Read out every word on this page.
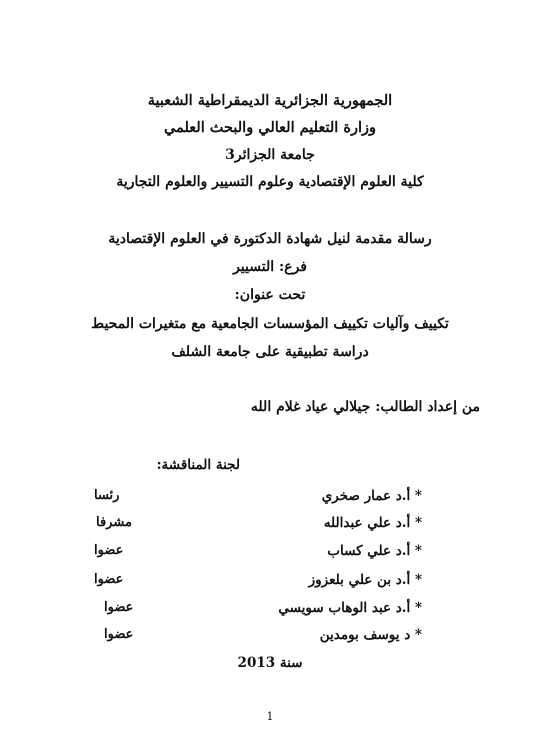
الجمهورية الجزائرية الديمقراطية الشعبية
وزارة التعليم العالي والبحث العلمي
جامعة الجزائر3
كلية العلوم الإقتصادية وعلوم التسيير والعلوم التجارية
رسالة مقدمة لنيل شهادة الدكتورة في العلوم الإقتصادية
فرع: التسيير
تحت عنوان:
تكييف وآليات تكييف المؤسسات الجامعية مع متغيرات المحيط
دراسة تطبيقية على جامعة الشلف
من إعداد الطالب: جيلالي عياد غلام الله
لجنة المناقشة:
* أ.د عمار صخري
رئسا
* أ.د علي عبدالله
مشرفا
* أ.د علي كساب
عضوا
* أ.د بن علي بلعزوز
عضوا
* أ.د عبد الوهاب سويسي
عضوا
* د يوسف بومدين
عضوا
سنة 2013
1
